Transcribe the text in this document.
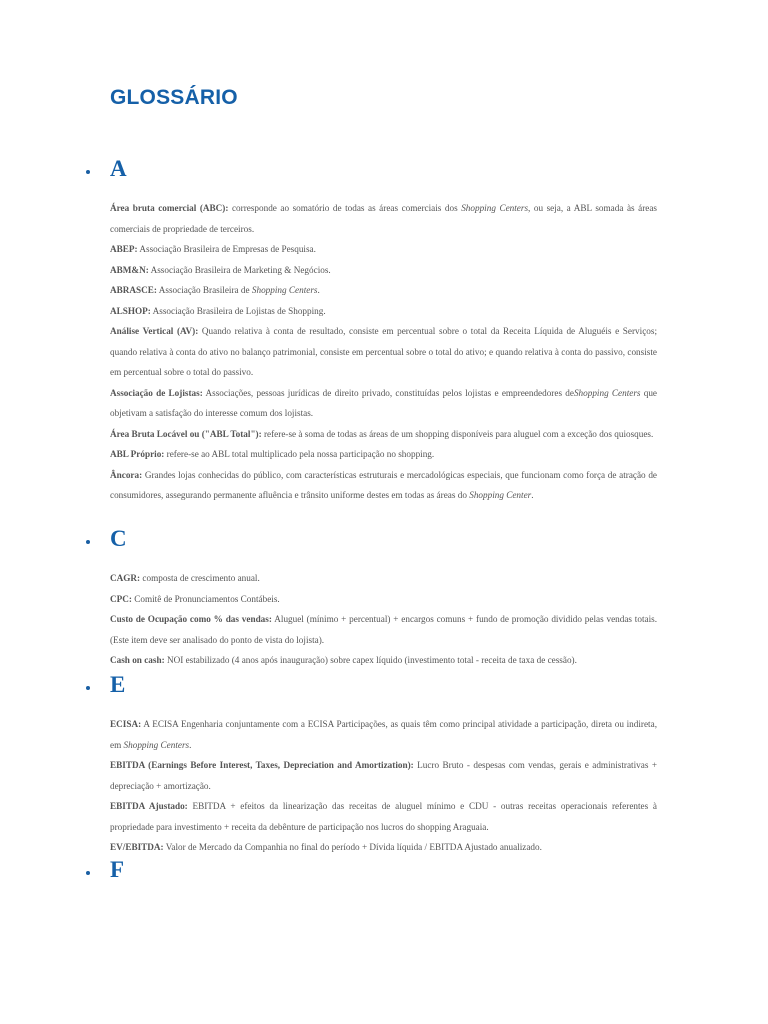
GLOSSÁRIO
A

Área bruta comercial (ABC): corresponde ao somatório de todas as áreas comerciais dos Shopping Centers, ou seja, a ABL somada às áreas comerciais de propriedade de terceiros.

ABEP: Associação Brasileira de Empresas de Pesquisa.

ABM&N: Associação Brasileira de Marketing & Negócios.

ABRASCE: Associação Brasileira de Shopping Centers.

ALSHOP: Associação Brasileira de Lojistas de Shopping.

Análise Vertical (AV): Quando relativa à conta de resultado, consiste em percentual sobre o total da Receita Líquida de Aluguéis e Serviços; quando relativa à conta do ativo no balanço patrimonial, consiste em percentual sobre o total do ativo; e quando relativa à conta do passivo, consiste em percentual sobre o total do passivo.

Associação de Lojistas: Associações, pessoas jurídicas de direito privado, constituídas pelos lojistas e empreendedores deShopping Centers que objetivam a satisfação do interesse comum dos lojistas.

Área Bruta Locável ou ("ABL Total"): refere-se à soma de todas as áreas de um shopping disponíveis para aluguel com a exceção dos quiosques.

ABL Próprio: refere-se ao ABL total multiplicado pela nossa participação no shopping.

Âncora: Grandes lojas conhecidas do público, com características estruturais e mercadológicas especiais, que funcionam como força de atração de consumidores, assegurando permanente afluência e trânsito uniforme destes em todas as áreas do Shopping Center.

C

CAGR: composta de crescimento anual.

CPC: Comitê de Pronunciamentos Contábeis.

Custo de Ocupação como % das vendas: Aluguel (mínimo + percentual) + encargos comuns + fundo de promoção dividido pelas vendas totais. (Este item deve ser analisado do ponto de vista do lojista).

Cash on cash: NOI estabilizado (4 anos após inauguração) sobre capex líquido (investimento total - receita de taxa de cessão).

E

ECISA: A ECISA Engenharia conjuntamente com a ECISA Participações, as quais têm como principal atividade a participação, direta ou indireta, em Shopping Centers.

EBITDA (Earnings Before Interest, Taxes, Depreciation and Amortization): Lucro Bruto - despesas com vendas, gerais e administrativas + depreciação + amortização.

EBITDA Ajustado: EBITDA + efeitos da linearização das receitas de aluguel mínimo e CDU - outras receitas operacionais referentes à propriedade para investimento + receita da debênture de participação nos lucros do shopping Araguaia.

EV/EBITDA: Valor de Mercado da Companhia no final do período + Dívida líquida / EBITDA Ajustado anualizado.

F
